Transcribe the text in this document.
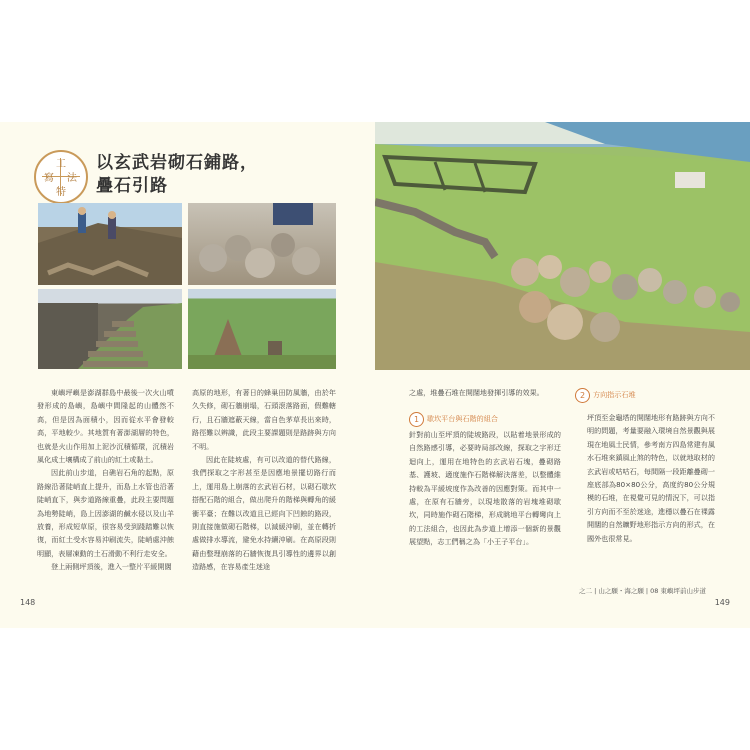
工
法
寫
特
以玄武岩砌石鋪路，
疊石引路

東嶼坪嶼是澎湖群島中最後一次火山噴發形成的島嶼，島嶼中間隆起的山體然不高，但是因為面積小，因而從水平會發較高，平地較少。其地質有著澎湖層的特色，也就是火山作用加上泥沙沉積循環，沉積岩風化成土壤構成了前山的紅土或黏土。

因此前山步道，自礁岩石角的起點，原路線沿著陡峭直上提升，而島上水管也沿著陡峭直下，與步道路線重疊，此段主要問題為地勢陡峭，島上因澎湖的鹹水侵以及山羊放養，形成短草原，很容易受到踐踏難以恢復，而紅土受水容易沖刷流失，陡峭處沖蝕明顯，表層凍動的土石滑動不利行走安全。

登上兩側坪頂後，進入一整片平緩開闊

高原的地形，有著日的蜂巢田防風牆，由於年久失修，砌石牆崩塌，石頭滾落路面，假難轄行，且石牆遮蔽天線，當自色茅草長出來時，路徑難以辨識，此段主要課題則是路跡與方向不明。

因此在陡坡處，有可以改道的替代路線，我們探取之字形甚至是因應地景擺切路行而上，運用島上崩落的玄武岩石材，以砌石歇坎搭配石階的組合，做出爬升的階梯與轉角的緩衝平臺；在難以改道且已經向下凹蝕的路段，則直接施做砌石階梯，以減緩沖刷，並在轉折處做排水導流，避免水持續沖刷。在高原段則藉由整理崩落的石牆恢復具引導性的邊界以創造路感，在容易產生迷途

148

之處，堆疊石堆在開闊地發揮引導的效果。

1	歇坎平台與石階的組合

針對前山至坪頂的陡坡路段，以貼着地景形成的自然路感引導，必要時局部改線，探取之字形迂迴向上，運用在地特色的玄武岩石塊，疊砌路基、護坡、適度施作石階梯解決落差，以整體維持較為平緩坡度作為改善的因應對策。而其中一處，在原有石牆旁，以現地散落的岩塊堆砌歇坎，同時施作砌石階梯，形成眺地平台轉彎向上的工法組合，也因此為步道上增添一個新的景觀展望點，志工們稱之為「小王子平台」。

2	方向指示石堆

坪頂至金龜塔的開闊地形有路跡與方向不明的問題，考量要融入環境自然景觀與展現在地風土民情，參考南方四島常建有風水石堆來鎮風止煞的特色，以就地取材的玄武岩或咕咕石，每間隔一段距離疊砌一座底部為80×80公分，高度約80公分規模的石堆，在視覺可見的情況下，可以指引方向而不至於迷途，進穩以疊石在裸露開闊的自然曠野地形指示方向的形式，在國外也很常見。

之二 | 山之願・海之願 | 08 東嶼坪前山步道
149
